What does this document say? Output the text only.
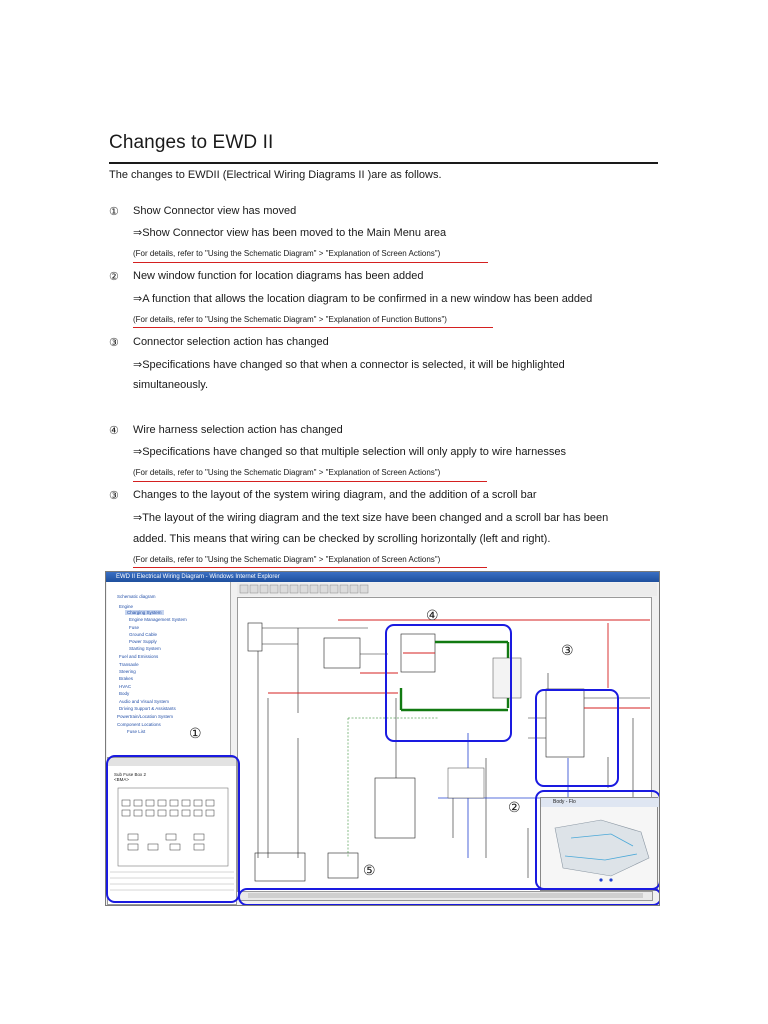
Changes to EWD II
The changes to EWDII (Electrical Wiring Diagrams II )are as follows.
① Show Connector view has moved
⇒Show Connector view has been moved to the Main Menu area
(For details, refer to "Using the Schematic Diagram" > "Explanation of Screen Actions")
② New window function for location diagrams has been added
⇒A function that allows the location diagram to be confirmed in a new window has been added
(For details, refer to "Using the Schematic Diagram" > "Explanation of Function Buttons")
③ Connector selection action has changed
⇒Specifications have changed so that when a connector is selected, it will be highlighted
simultaneously.
④ Wire harness selection action has changed
⇒Specifications have changed so that multiple selection will only apply to wire harnesses
(For details, refer to "Using the Schematic Diagram" > "Explanation of Screen Actions")
③ Changes to the layout of the system wiring diagram, and the addition of a scroll bar
⇒The layout of the wiring diagram and the text size have been changed and a scroll bar has been
added. This means that wiring can be checked by scrolling horizontally (left and right).
(For details, refer to "Using the Schematic Diagram" > "Explanation of Screen Actions")
EWD II Electrical Wiring Diagram - Windows Internet Explorer
Schematic diagram
Engine
Charging System
Engine Management System
Fuse
Ground Cable
Power Supply
Starting System
Fuel and Emissions
Transaxle
Steering
Brakes
HVAC
Body
Audio and Visual System
Driving Support & Assistants
Powertrain/Location System
Component Locations
Fuse List
Sub Fuse Box 2
<BMA>
Body - Flo
①
②
③
④
⑤
